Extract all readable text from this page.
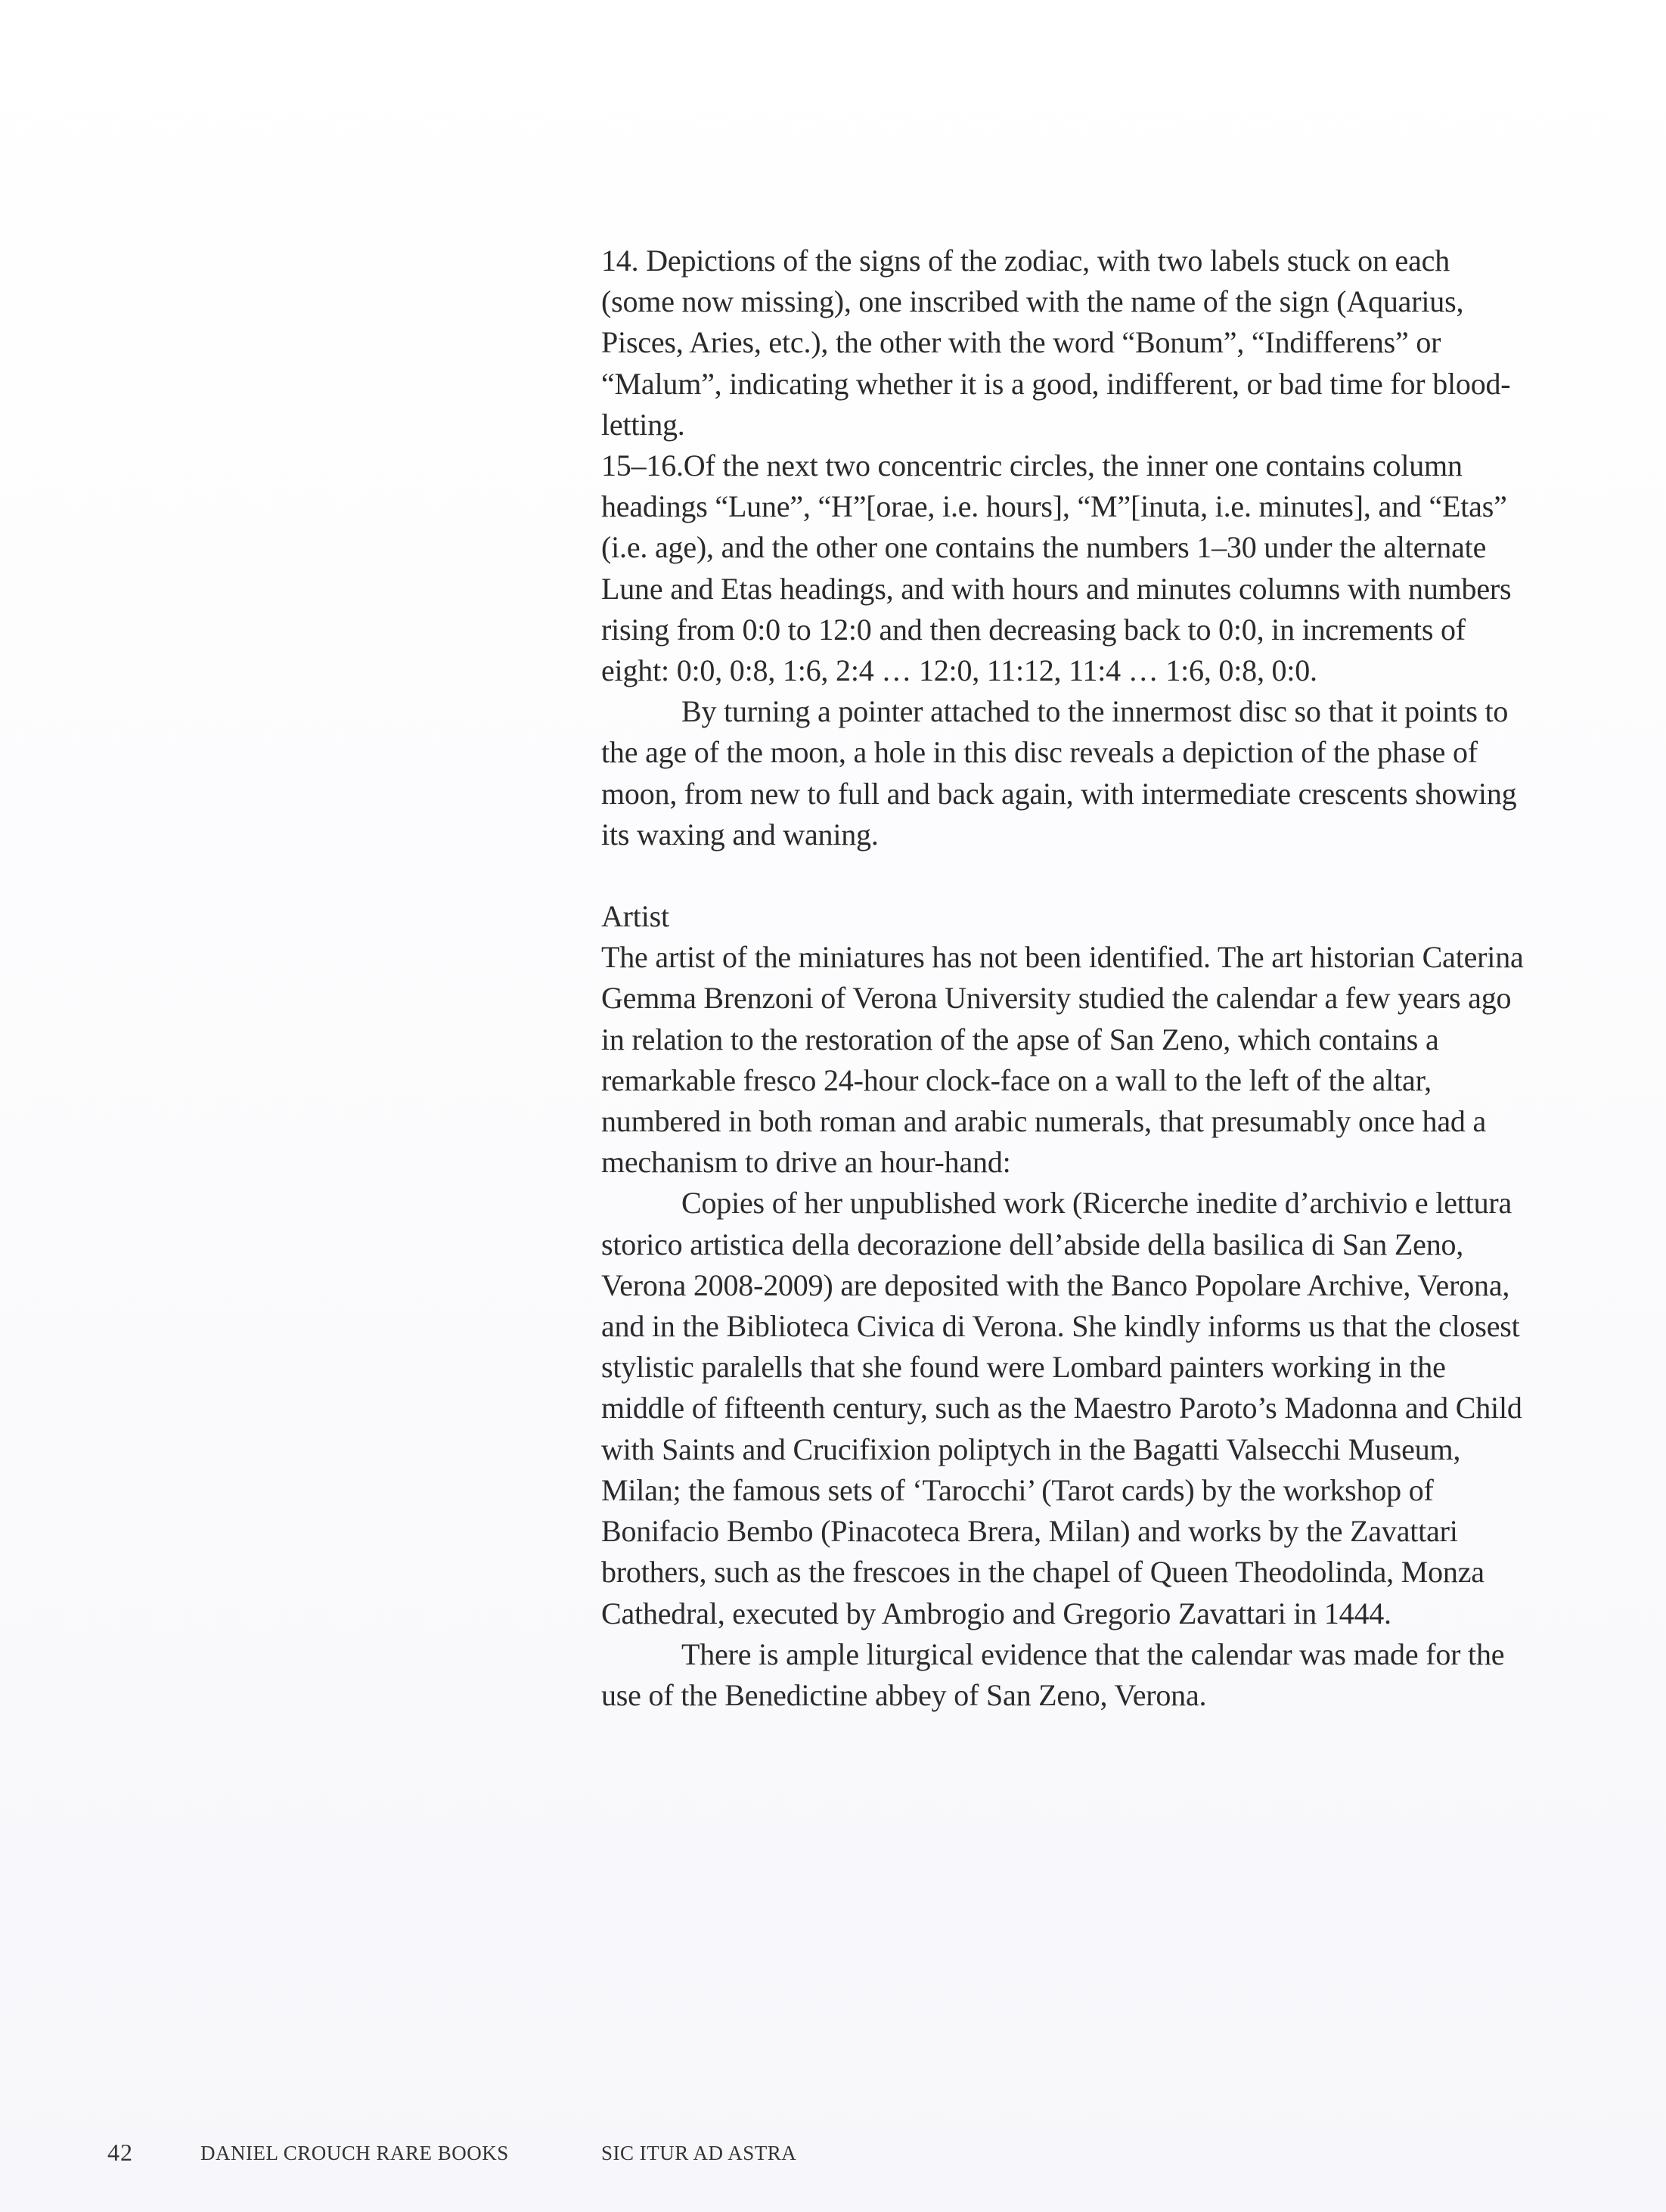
14. Depictions of the signs of the zodiac, with two labels stuck on each (some now missing), one inscribed with the name of the sign (Aquarius, Pisces, Aries, etc.), the other with the word “Bonum”, “Indifferens” or “Malum”, indicating whether it is a good, indifferent, or bad time for blood-letting.

15–16.Of the next two concentric circles, the inner one contains column headings “Lune”, “H”[orae, i.e. hours], “M”[inuta, i.e. minutes], and “Etas” (i.e. age), and the other one contains the numbers 1–30 under the alternate Lune and Etas headings, and with hours and minutes columns with numbers rising from 0:0 to 12:0 and then decreasing back to 0:0, in increments of eight: 0:0, 0:8, 1:6, 2:4 … 12:0, 11:12, 11:4 … 1:6, 0:8, 0:0.

By turning a pointer attached to the innermost disc so that it points to the age of the moon, a hole in this disc reveals a depiction of the phase of moon, from new to full and back again, with intermediate crescents showing its waxing and waning.

Artist

The artist of the miniatures has not been identified. The art historian Caterina Gemma Brenzoni of Verona University studied the calendar a few years ago in relation to the restoration of the apse of San Zeno, which contains a remarkable fresco 24-hour clock-face on a wall to the left of the altar, numbered in both roman and arabic numerals, that presumably once had a mechanism to drive an hour-hand:

Copies of her unpublished work (Ricerche inedite d’archivio e lettura storico artistica della decorazione dell’abside della basilica di San Zeno, Verona 2008-2009) are deposited with the Banco Popolare Archive, Verona, and in the Biblioteca Civica di Verona. She kindly informs us that the closest stylistic paralells that she found were Lombard painters working in the middle of fifteenth century, such as the Maestro Paroto’s Madonna and Child with Saints and Crucifixion poliptych in the Bagatti Valsecchi Museum, Milan; the famous sets of ‘Tarocchi’ (Tarot cards) by the workshop of Bonifacio Bembo (Pinacoteca Brera, Milan) and works by the Zavattari brothers, such as the frescoes in the chapel of Queen Theodolinda, Monza Cathedral, executed by Ambrogio and Gregorio Zavattari in 1444.

There is ample liturgical evidence that the calendar was made for the use of the Benedictine abbey of San Zeno, Verona.

42	DANIEL CROUCH RARE BOOKS	SIC ITUR AD ASTRA
